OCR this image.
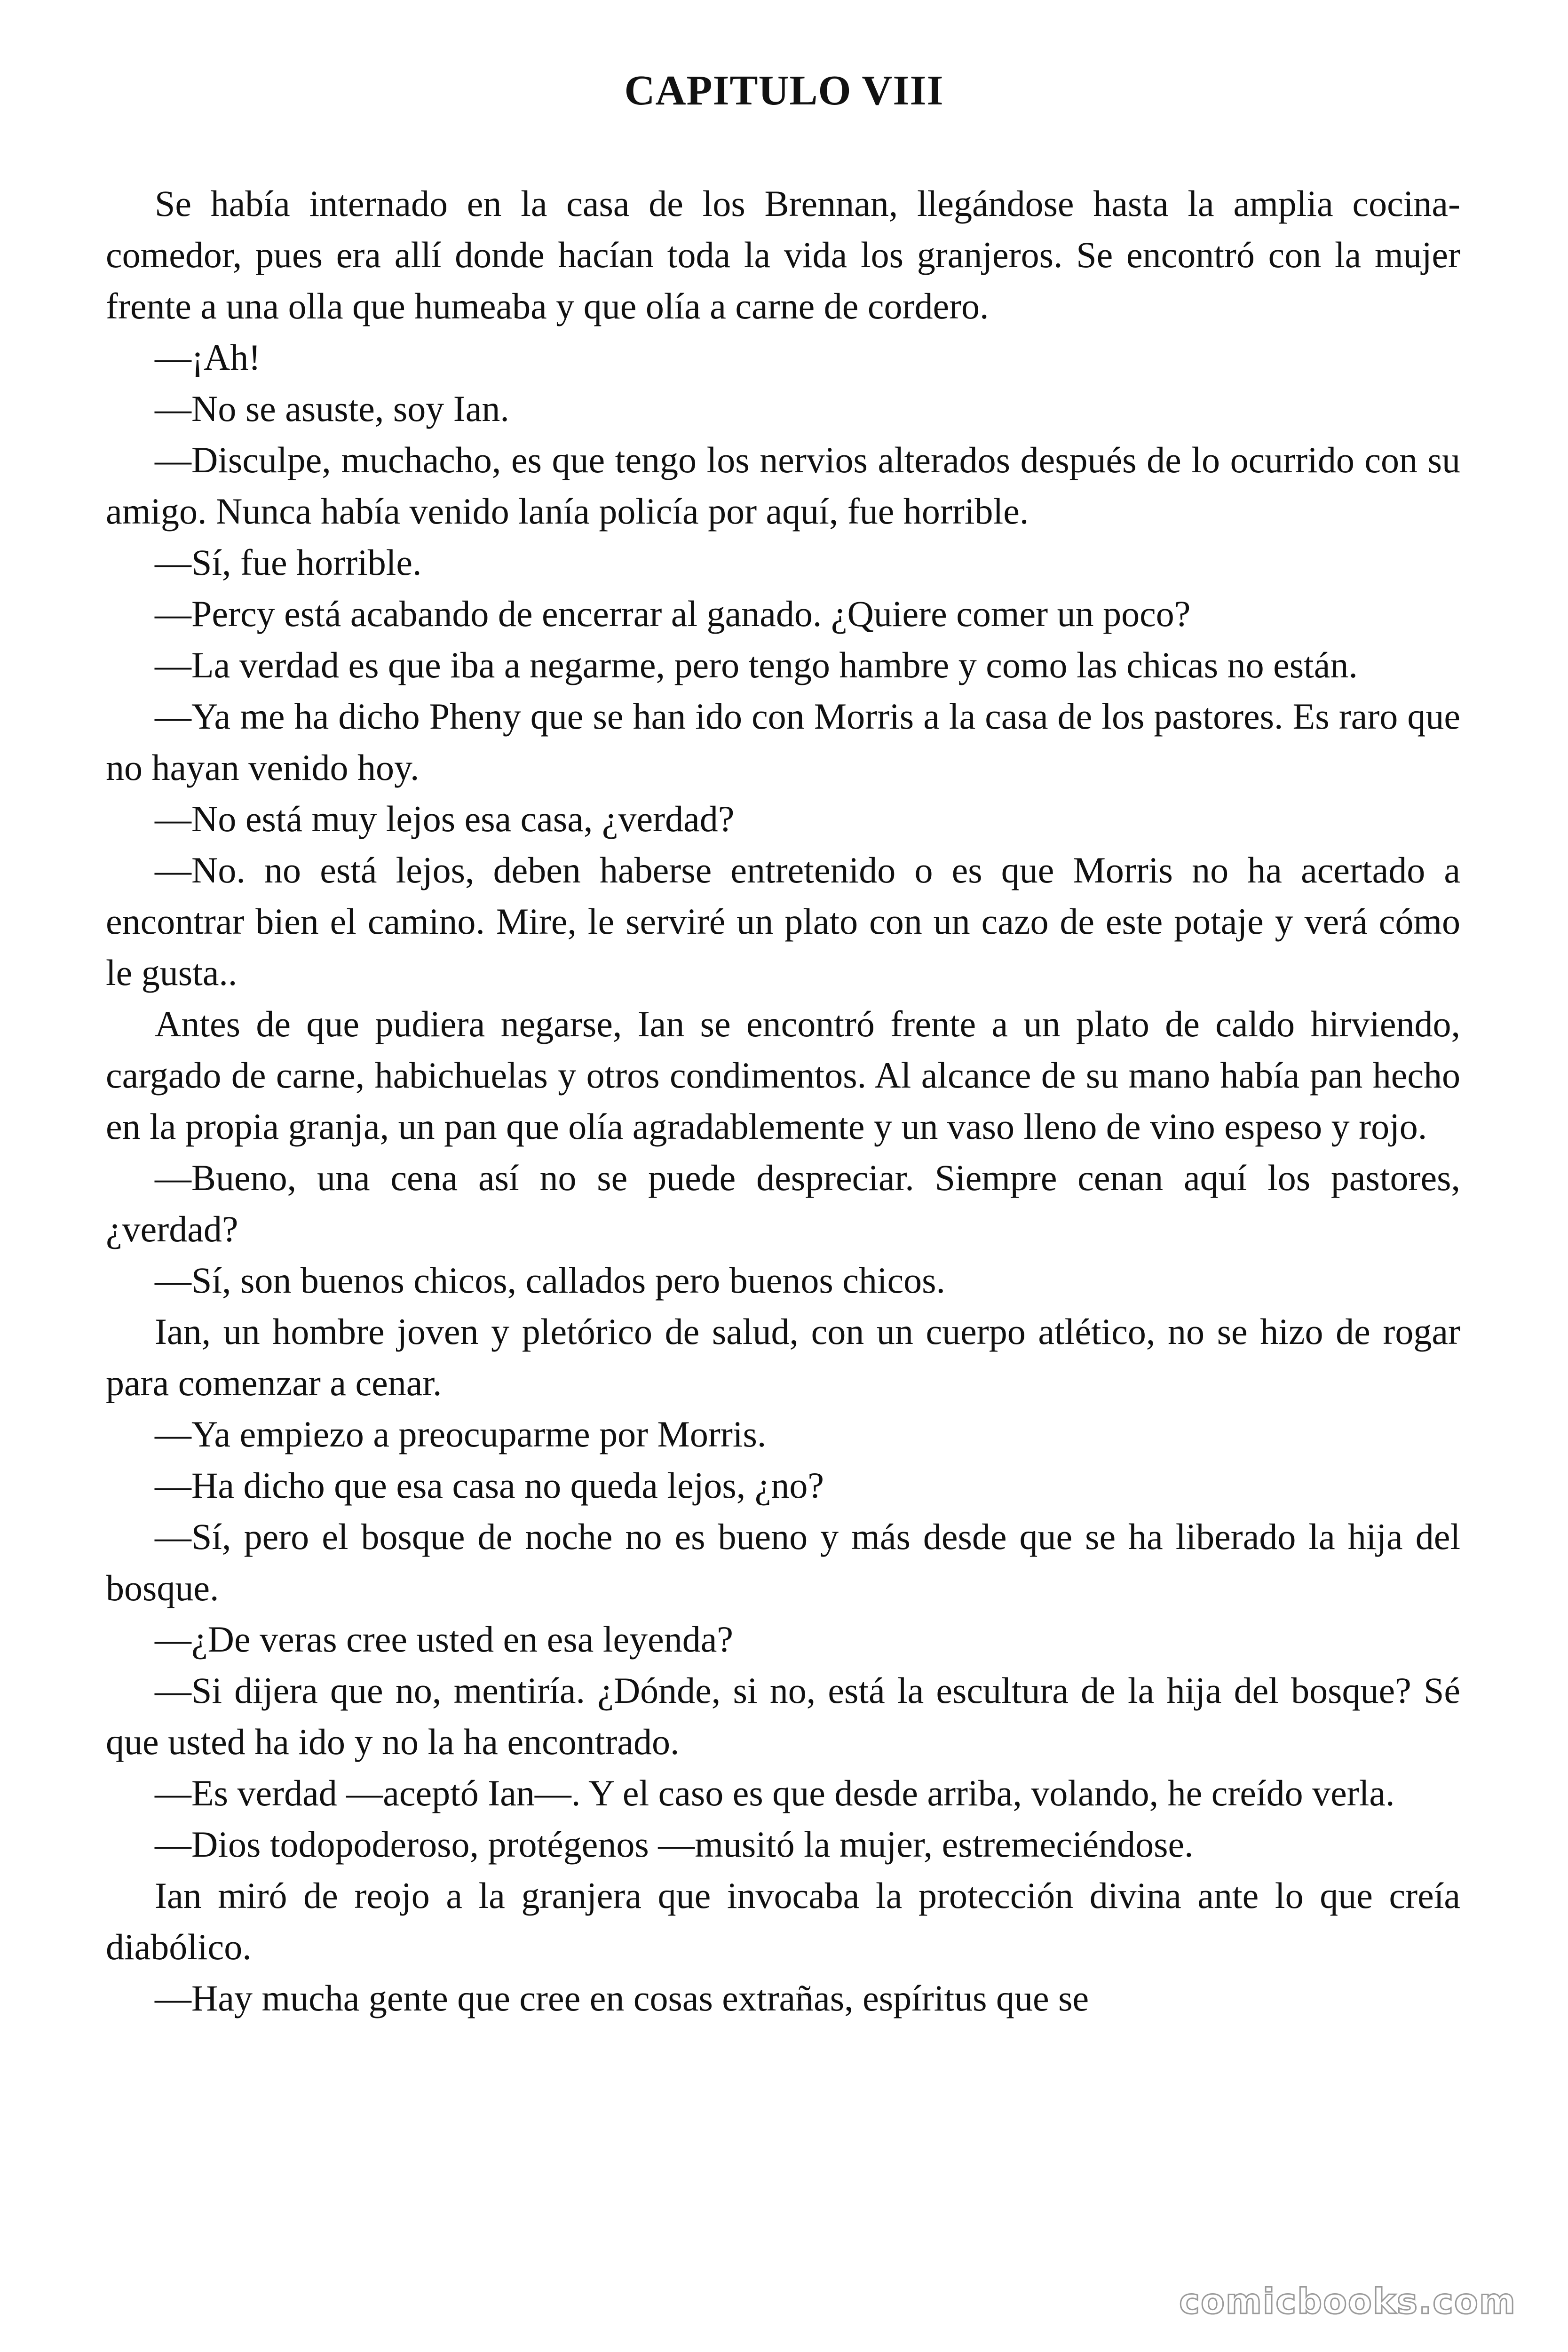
CAPITULO VIII

Se había internado en la casa de los Brennan, llegándose hasta la amplia cocina-comedor, pues era allí donde hacían toda la vida los granjeros. Se encontró con la mujer frente a una olla que humeaba y que olía a carne de cordero.

—¡Ah!

—No se asuste, soy Ian.

—Disculpe, muchacho, es que tengo los nervios alterados después de lo ocurrido con su amigo. Nunca había venido lanía policía por aquí, fue horrible.

—Sí, fue horrible.

—Percy está acabando de encerrar al ganado. ¿Quiere comer un poco?

—La verdad es que iba a negarme, pero tengo hambre y como las chicas no están.

—Ya me ha dicho Pheny que se han ido con Morris a la casa de los pastores. Es raro que no hayan venido hoy.

—No está muy lejos esa casa, ¿verdad?

—No. no está lejos, deben haberse entretenido o es que Morris no ha acertado a encontrar bien el camino. Mire, le serviré un plato con un cazo de este potaje y verá cómo le gusta..

Antes de que pudiera negarse, Ian se encontró frente a un plato de caldo hirviendo, cargado de carne, habichuelas y otros condimentos. Al alcance de su mano había pan hecho en la propia granja, un pan que olía agradablemente y un vaso lleno de vino espeso y rojo.

—Bueno, una cena así no se puede despreciar. Siempre cenan aquí los pastores, ¿verdad?

—Sí, son buenos chicos, callados pero buenos chicos.

Ian, un hombre joven y pletórico de salud, con un cuerpo atlético, no se hizo de rogar para comenzar a cenar.

—Ya empiezo a preocuparme por Morris.

—Ha dicho que esa casa no queda lejos, ¿no?

—Sí, pero el bosque de noche no es bueno y más desde que se ha liberado la hija del bosque.

—¿De veras cree usted en esa leyenda?

—Si dijera que no, mentiría. ¿Dónde, si no, está la escultura de la hija del bosque? Sé que usted ha ido y no la ha encontrado.

—Es verdad —aceptó Ian—. Y el caso es que desde arriba, volando, he creído verla.

—Dios todopoderoso, protégenos —musitó la mujer, estremeciéndose.

Ian miró de reojo a la granjera que invocaba la protección divina ante lo que creía diabólico.

—Hay mucha gente que cree en cosas extrañas, espíritus que se

comicbooks.com
